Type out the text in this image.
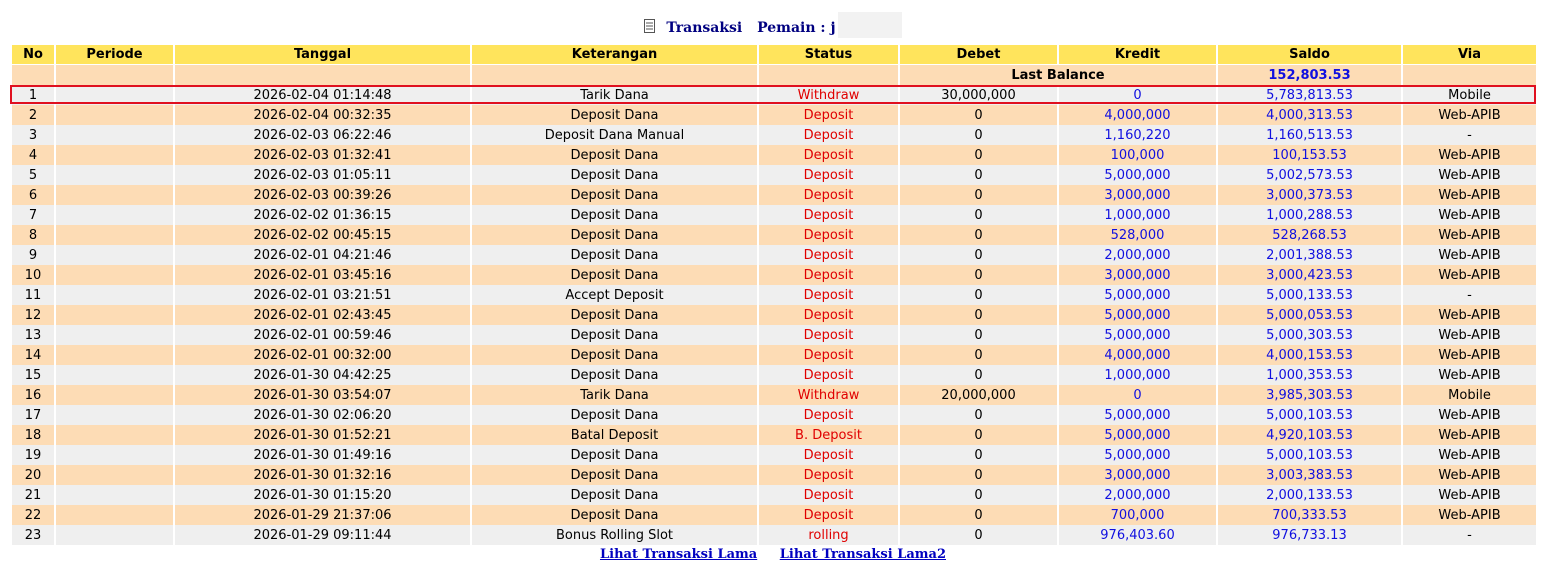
Transaksi Pemain : j
No	Periode	Tanggal	Keterangan	Status	Debet	Kredit	Saldo	Via
					Last Balance		152,803.53	
1		2026-02-04 01:14:48	Tarik Dana	Withdraw	30,000,000	0	5,783,813.53	Mobile
2		2026-02-04 00:32:35	Deposit Dana	Deposit	0	4,000,000	4,000,313.53	Web-APIB
3		2026-02-03 06:22:46	Deposit Dana Manual	Deposit	0	1,160,220	1,160,513.53	-
4		2026-02-03 01:32:41	Deposit Dana	Deposit	0	100,000	100,153.53	Web-APIB
5		2026-02-03 01:05:11	Deposit Dana	Deposit	0	5,000,000	5,002,573.53	Web-APIB
6		2026-02-03 00:39:26	Deposit Dana	Deposit	0	3,000,000	3,000,373.53	Web-APIB
7		2026-02-02 01:36:15	Deposit Dana	Deposit	0	1,000,000	1,000,288.53	Web-APIB
8		2026-02-02 00:45:15	Deposit Dana	Deposit	0	528,000	528,268.53	Web-APIB
9		2026-02-01 04:21:46	Deposit Dana	Deposit	0	2,000,000	2,001,388.53	Web-APIB
10		2026-02-01 03:45:16	Deposit Dana	Deposit	0	3,000,000	3,000,423.53	Web-APIB
11		2026-02-01 03:21:51	Accept Deposit	Deposit	0	5,000,000	5,000,133.53	-
12		2026-02-01 02:43:45	Deposit Dana	Deposit	0	5,000,000	5,000,053.53	Web-APIB
13		2026-02-01 00:59:46	Deposit Dana	Deposit	0	5,000,000	5,000,303.53	Web-APIB
14		2026-02-01 00:32:00	Deposit Dana	Deposit	0	4,000,000	4,000,153.53	Web-APIB
15		2026-01-30 04:42:25	Deposit Dana	Deposit	0	1,000,000	1,000,353.53	Web-APIB
16		2026-01-30 03:54:07	Tarik Dana	Withdraw	20,000,000	0	3,985,303.53	Mobile
17		2026-01-30 02:06:20	Deposit Dana	Deposit	0	5,000,000	5,000,103.53	Web-APIB
18		2026-01-30 01:52:21	Batal Deposit	B. Deposit	0	5,000,000	4,920,103.53	Web-APIB
19		2026-01-30 01:49:16	Deposit Dana	Deposit	0	5,000,000	5,000,103.53	Web-APIB
20		2026-01-30 01:32:16	Deposit Dana	Deposit	0	3,000,000	3,003,383.53	Web-APIB
21		2026-01-30 01:15:20	Deposit Dana	Deposit	0	2,000,000	2,000,133.53	Web-APIB
22		2026-01-29 21:37:06	Deposit Dana	Deposit	0	700,000	700,333.53	Web-APIB
23		2026-01-29 09:11:44	Bonus Rolling Slot	rolling	0	976,403.60	976,733.13	-
Lihat Transaksi Lama Lihat Transaksi Lama2
